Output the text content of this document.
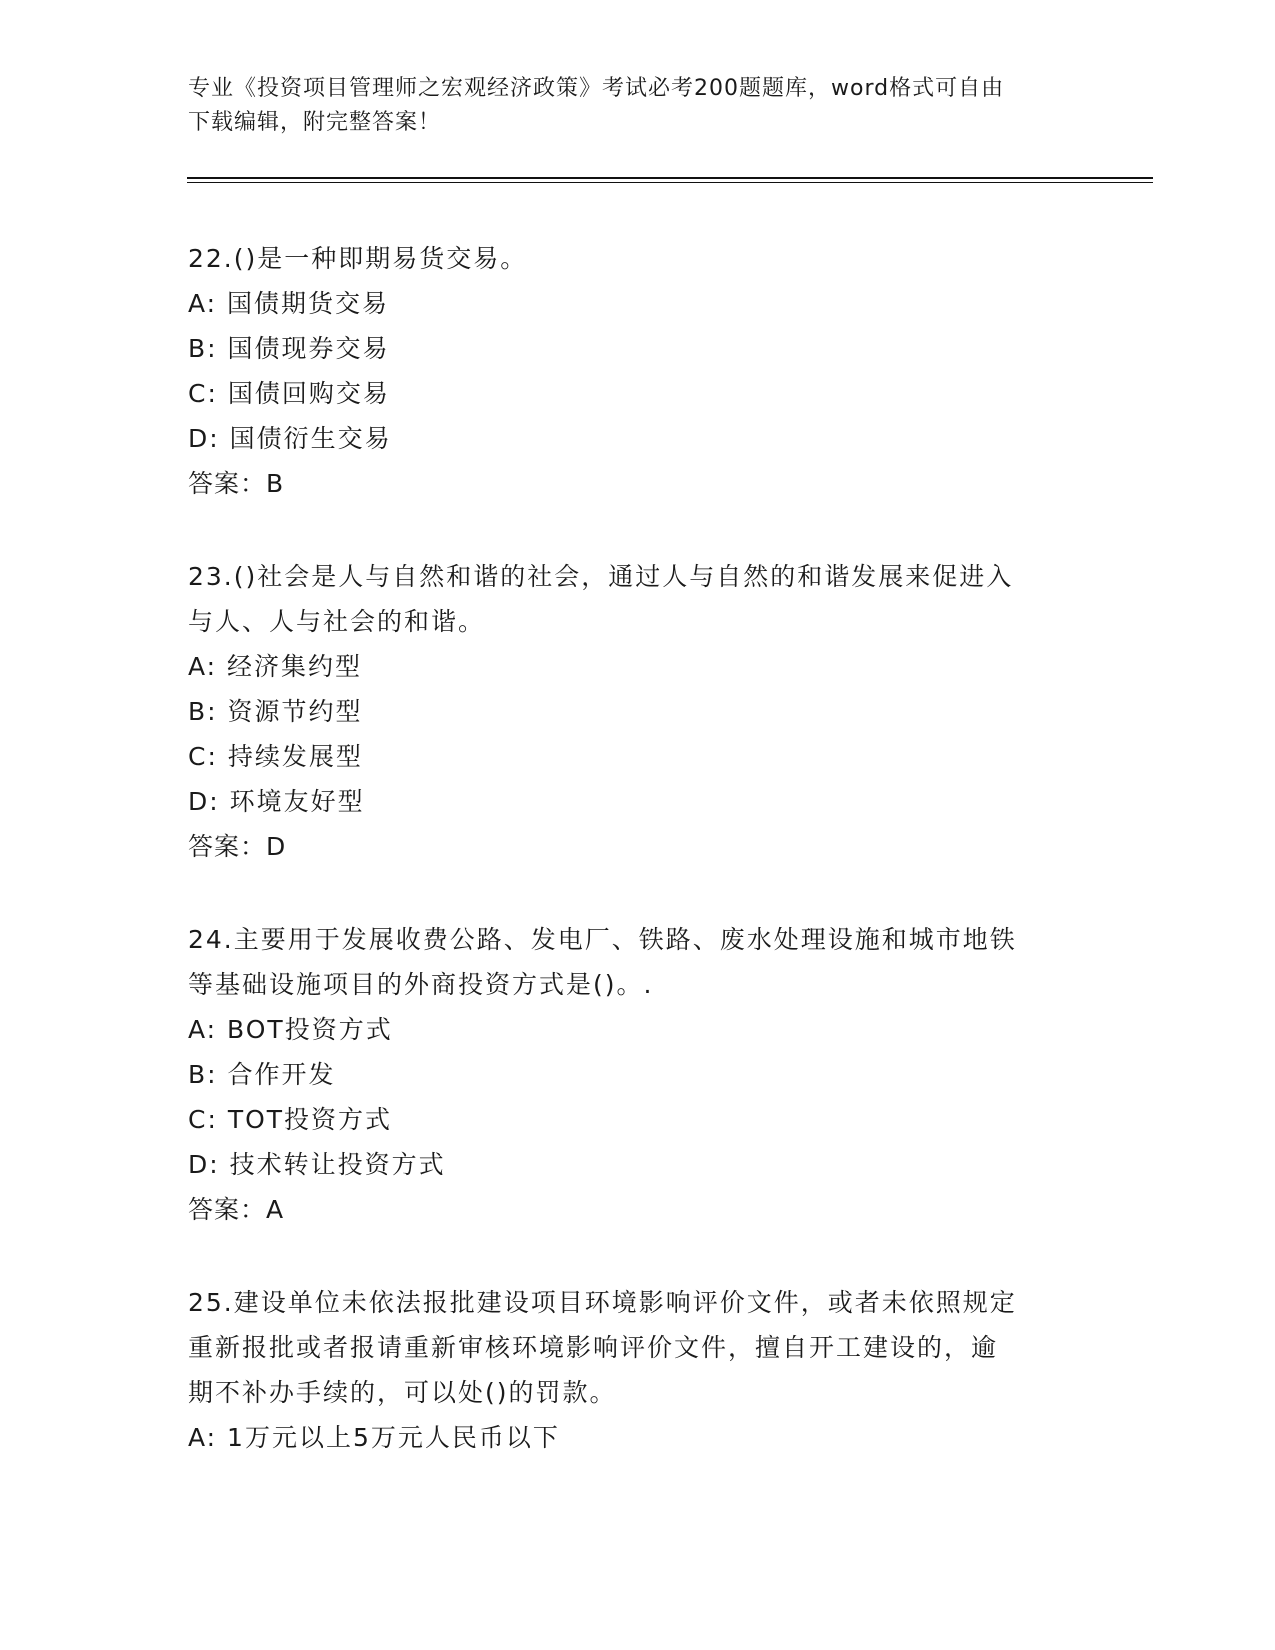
专业《投资项目管理师之宏观经济政策》考试必考200题题库，word格式可自由
下载编辑，附完整答案！
22.()是一种即期易货交易。
A: 国债期货交易
B: 国债现券交易
C: 国债回购交易
D: 国债衍生交易
答案：B
23.()社会是人与自然和谐的社会，通过人与自然的和谐发展来促进入
与人、人与社会的和谐。
A: 经济集约型
B: 资源节约型
C: 持续发展型
D: 环境友好型
答案：D
24.主要用于发展收费公路、发电厂、铁路、废水处理设施和城市地铁
等基础设施项目的外商投资方式是()。.
A: BOT投资方式
B: 合作开发
C: TOT投资方式
D: 技术转让投资方式
答案：A
25.建设单位未依法报批建设项目环境影响评价文件，或者未依照规定
重新报批或者报请重新审核环境影响评价文件，擅自开工建设的，逾
期不补办手续的，可以处()的罚款。
A: 1万元以上5万元人民币以下
